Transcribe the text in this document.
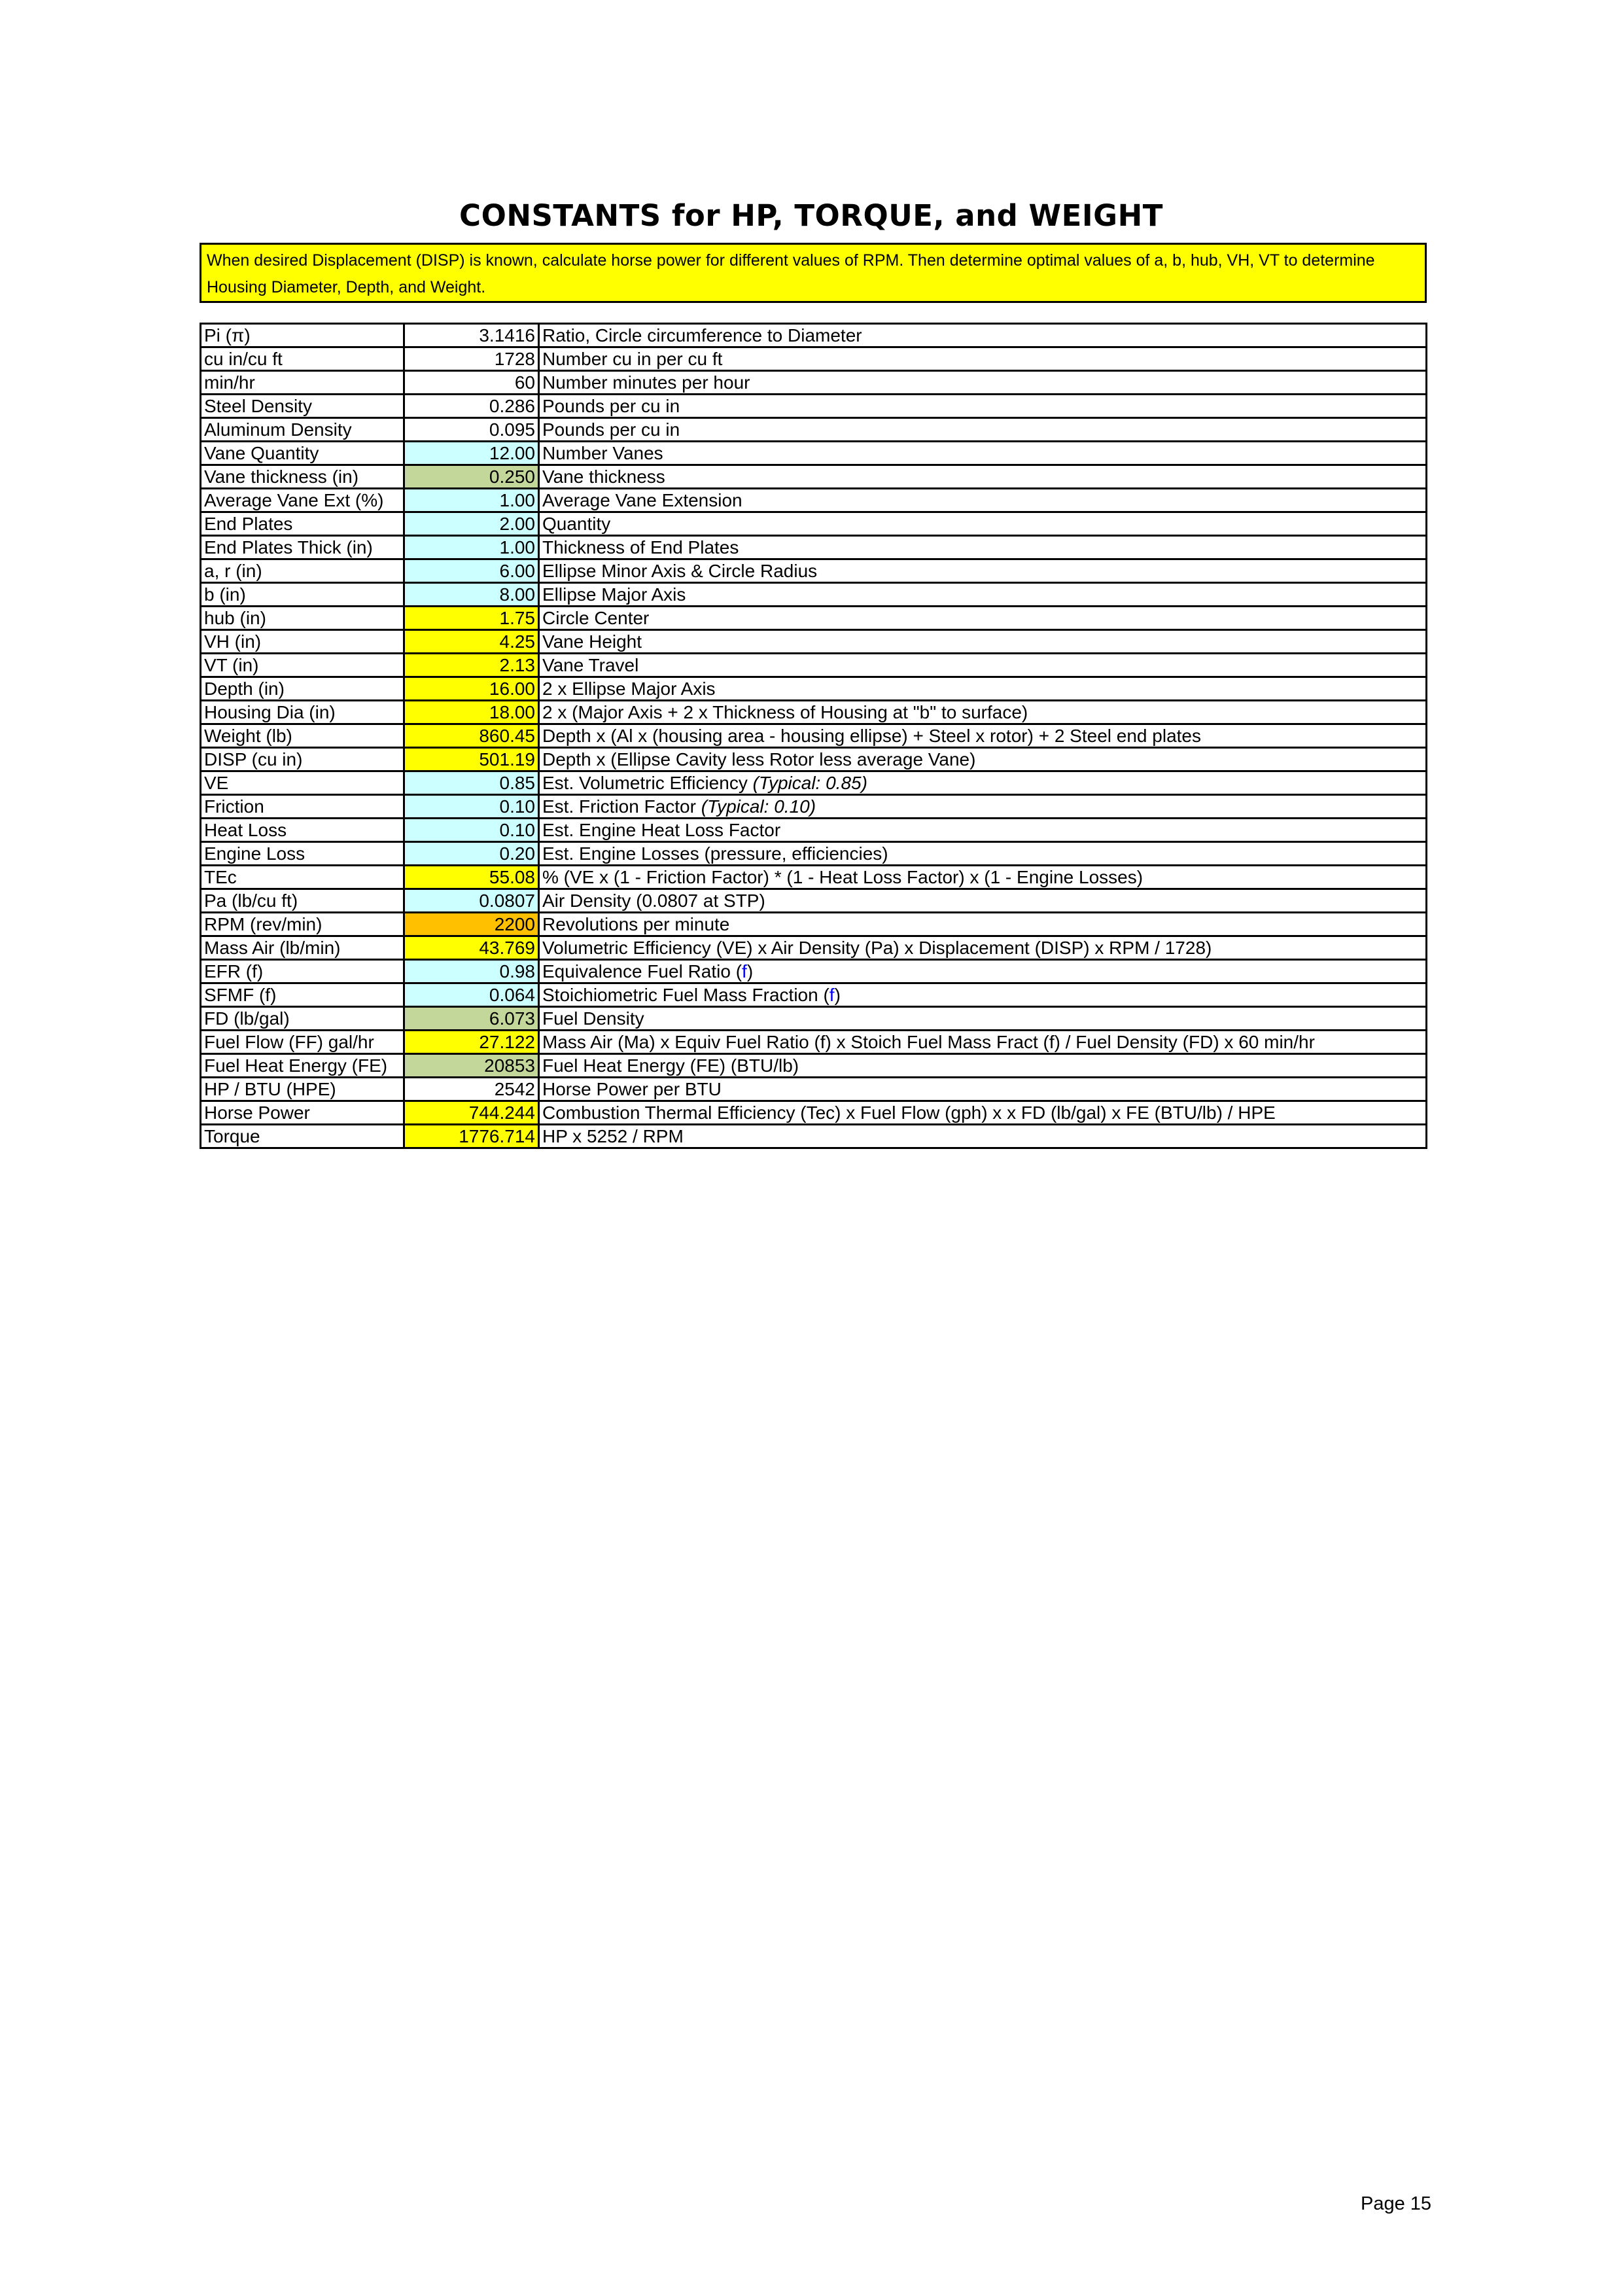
CONSTANTS for HP, TORQUE, and WEIGHT
When desired Displacement (DISP) is known, calculate horse power for different values of RPM. Then determine optimal values of a, b, hub, VH, VT to determine Housing Diameter, Depth, and Weight.
Pi (π)	3.1416	Ratio, Circle circumference to Diameter
cu in/cu ft	1728	Number cu in per cu ft
min/hr	60	Number minutes per hour
Steel Density	0.286	Pounds per cu in
Aluminum Density	0.095	Pounds per cu in
Vane Quantity	12.00	Number Vanes
Vane thickness (in)	0.250	Vane thickness
Average Vane Ext (%)	1.00	Average Vane Extension
End Plates	2.00	Quantity
End Plates Thick (in)	1.00	Thickness of End Plates
a, r (in)	6.00	Ellipse Minor Axis & Circle Radius
b (in)	8.00	Ellipse Major Axis
hub (in)	1.75	Circle Center
VH (in)	4.25	Vane Height
VT (in)	2.13	Vane Travel
Depth (in)	16.00	2 x Ellipse Major Axis
Housing Dia (in)	18.00	2 x (Major Axis + 2 x Thickness of Housing at "b" to surface)
Weight (lb)	860.45	Depth x (Al x (housing area - housing ellipse) + Steel x rotor) + 2 Steel end plates
DISP (cu in)	501.19	Depth x (Ellipse Cavity less Rotor less average Vane)
VE	0.85	Est. Volumetric Efficiency (Typical: 0.85)
Friction	0.10	Est. Friction Factor (Typical: 0.10)
Heat Loss	0.10	Est. Engine Heat Loss Factor
Engine Loss	0.20	Est. Engine Losses (pressure, efficiencies)
TEc	55.08	% (VE x (1 - Friction Factor) * (1 - Heat Loss Factor) x (1 - Engine Losses)
Pa (lb/cu ft)	0.0807	Air Density (0.0807 at STP)
RPM (rev/min)	2200	Revolutions per minute
Mass Air (lb/min)	43.769	Volumetric Efficiency (VE) x Air Density (Pa) x Displacement (DISP) x RPM / 1728)
EFR (f)	0.98	Equivalence Fuel Ratio (f)
SFMF (f)	0.064	Stoichiometric Fuel Mass Fraction (f)
FD (lb/gal)	6.073	Fuel Density
Fuel Flow (FF) gal/hr	27.122	Mass Air (Ma) x Equiv Fuel Ratio (f) x Stoich Fuel Mass Fract (f) / Fuel Density (FD) x 60 min/hr
Fuel Heat Energy (FE)	20853	Fuel Heat Energy (FE) (BTU/lb)
HP / BTU (HPE)	2542	Horse Power per BTU
Horse Power	744.244	Combustion Thermal Efficiency (Tec) x Fuel Flow (gph) x x FD (lb/gal) x FE (BTU/lb) / HPE
Torque	1776.714	HP x 5252 / RPM
Page 15
